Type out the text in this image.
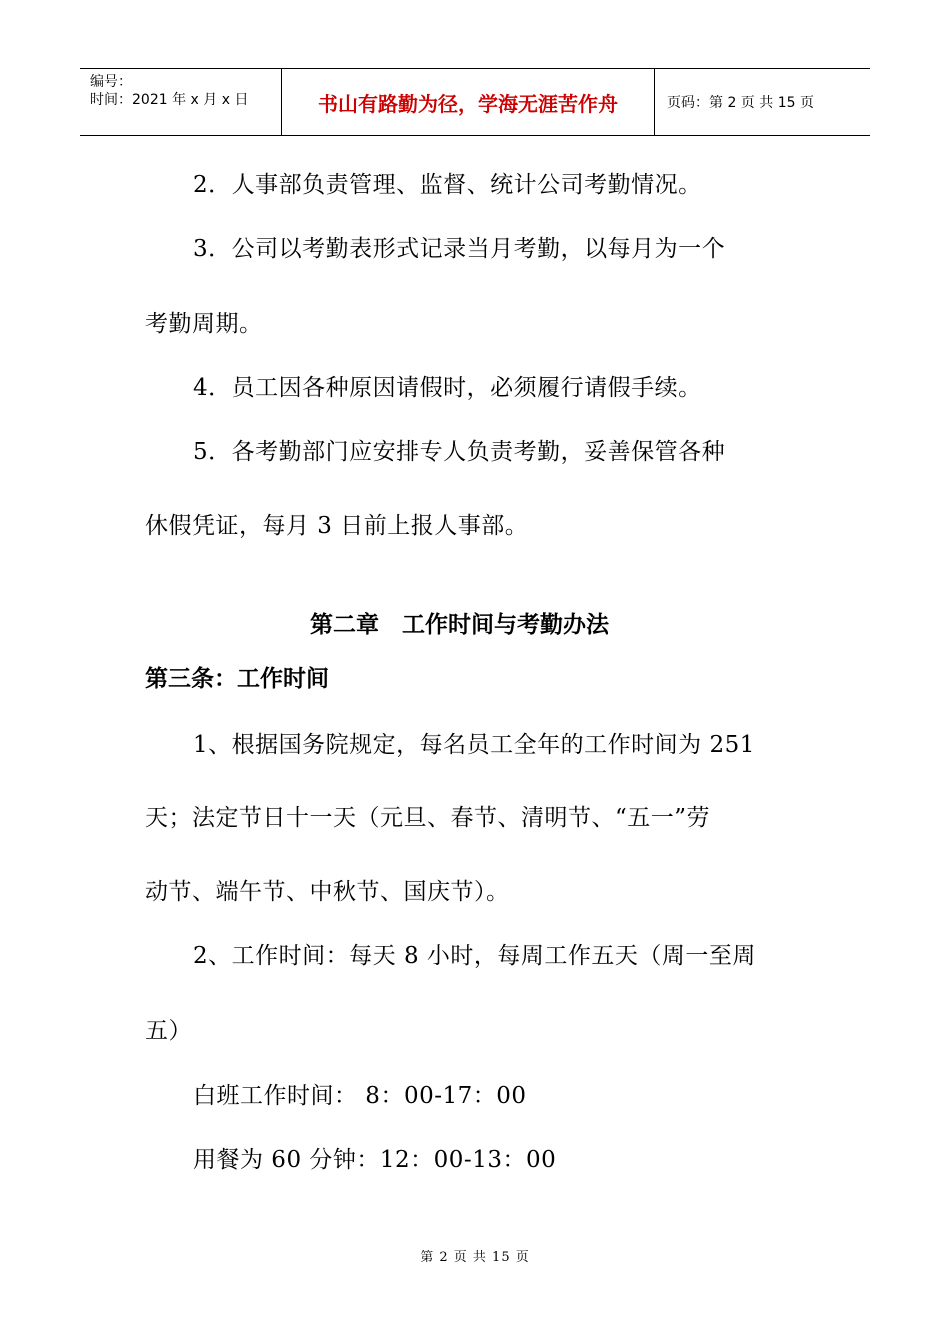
编号：
时间：2021 年 x 月 x 日	书山有路勤为径，学海无涯苦作舟	页码：第 2 页 共 15 页
2．人事部负责管理、监督、统计公司考勤情况。
3．公司以考勤表形式记录当月考勤，以每月为一个
考勤周期。
4．员工因各种原因请假时，必须履行请假手续。
5．各考勤部门应安排专人负责考勤，妥善保管各种
休假凭证，每月 3 日前上报人事部。
第二章　工作时间与考勤办法
第三条：工作时间
1、根据国务院规定，每名员工全年的工作时间为 251
天；法定节日十一天（元旦、春节、清明节、“五一”劳
动节、端午节、中秋节、国庆节）。
2、工作时间：每天 8 小时，每周工作五天（周一至周
五）
白班工作时间： 8：00-17：00
用餐为 60 分钟：12：00-13：00
第 2 页 共 15 页
